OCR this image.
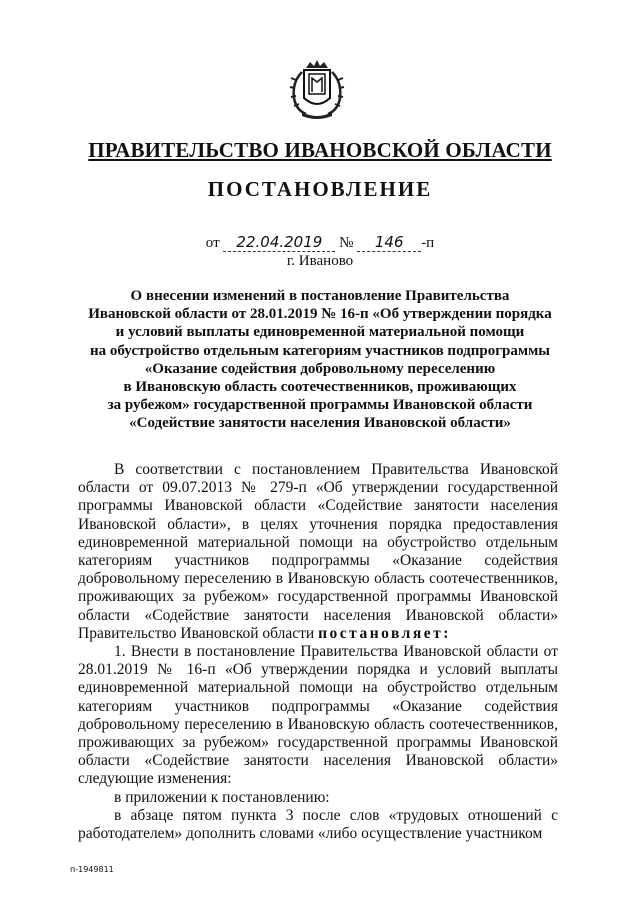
ПРАВИТЕЛЬСТВО ИВАНОВСКОЙ ОБЛАСТИ
ПОСТАНОВЛЕНИЕ
от 22.04.2019 № 146 -п
г. Иваново
О внесении изменений в постановление Правительства
Ивановской области от 28.01.2019 № 16-п «Об утверждении порядка
и условий выплаты единовременной материальной помощи
на обустройство отдельным категориям участников подпрограммы
«Оказание содействия добровольному переселению
в Ивановскую область соотечественников, проживающих
за рубежом» государственной программы Ивановской области
«Содействие занятости населения Ивановской области»

В соответствии с постановлением Правительства Ивановской области от 09.07.2013 № 279-п «Об утверждении государственной программы Ивановской области «Содействие занятости населения Ивановской области», в целях уточнения порядка предоставления единовременной материальной помощи на обустройство отдельным категориям участников подпрограммы «Оказание содействия добровольному переселению в Ивановскую область соотечественников, проживающих за рубежом» государственной программы Ивановской области «Содействие занятости населения Ивановской области» Правительство Ивановской области постановляет:

1. Внести в постановление Правительства Ивановской области от 28.01.2019 № 16-п «Об утверждении порядка и условий выплаты единовременной материальной помощи на обустройство отдельным категориям участников подпрограммы «Оказание содействия добровольному переселению в Ивановскую область соотечественников, проживающих за рубежом» государственной программы Ивановской области «Содействие занятости населения Ивановской области» следующие изменения:

в приложении к постановлению:

в абзаце пятом пункта 3 после слов «трудовых отношений с работодателем» дополнить словами «либо осуществление участником

п-1949811
